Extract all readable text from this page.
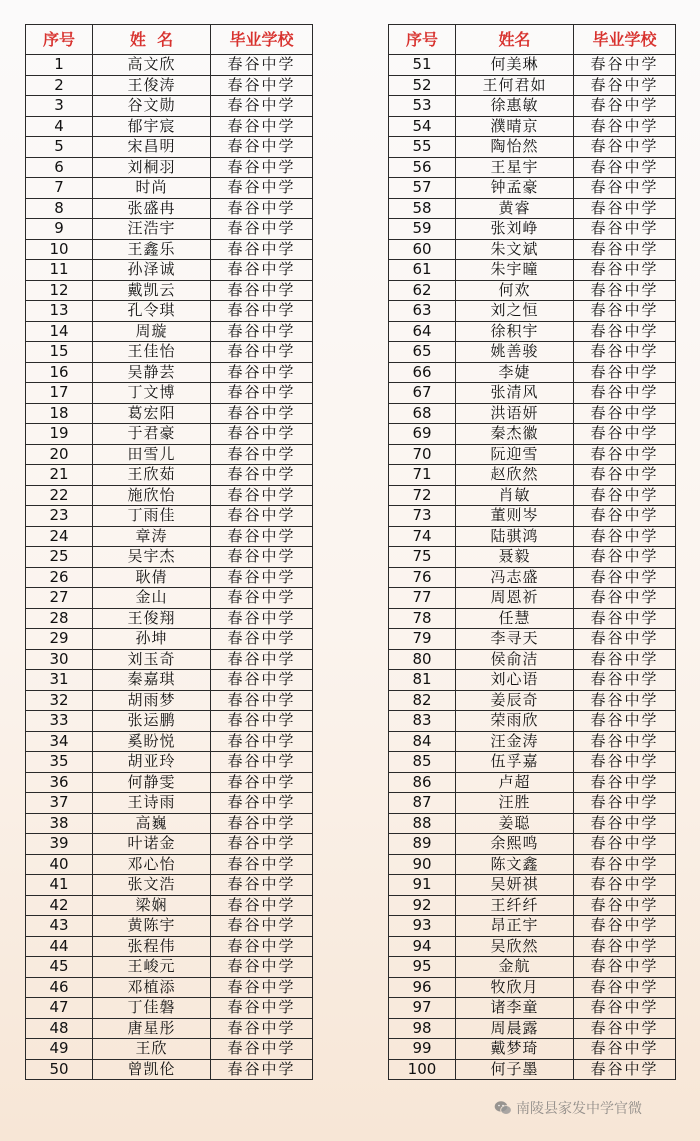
序号	姓  名	毕业学校
1	高文欣	春谷中学
2	王俊涛	春谷中学
3	谷文勋	春谷中学
4	郁宇宸	春谷中学
5	宋昌明	春谷中学
6	刘桐羽	春谷中学
7	时尚	春谷中学
8	张盛冉	春谷中学
9	汪浩宇	春谷中学
10	王鑫乐	春谷中学
11	孙泽诚	春谷中学
12	戴凯云	春谷中学
13	孔令琪	春谷中学
14	周璇	春谷中学
15	王佳怡	春谷中学
16	吴静芸	春谷中学
17	丁文博	春谷中学
18	葛宏阳	春谷中学
19	于君豪	春谷中学
20	田雪儿	春谷中学
21	王欣茹	春谷中学
22	施欣怡	春谷中学
23	丁雨佳	春谷中学
24	章涛	春谷中学
25	吴宇杰	春谷中学
26	耿倩	春谷中学
27	金山	春谷中学
28	王俊翔	春谷中学
29	孙坤	春谷中学
30	刘玉奇	春谷中学
31	秦嘉琪	春谷中学
32	胡雨梦	春谷中学
33	张运鹏	春谷中学
34	奚盼悦	春谷中学
35	胡亚玲	春谷中学
36	何静雯	春谷中学
37	王诗雨	春谷中学
38	高巍	春谷中学
39	叶诺金	春谷中学
40	邓心怡	春谷中学
41	张文浩	春谷中学
42	梁娴	春谷中学
43	黄陈宇	春谷中学
44	张程伟	春谷中学
45	王峻元	春谷中学
46	邓植添	春谷中学
47	丁佳磐	春谷中学
48	唐星彤	春谷中学
49	王欣	春谷中学
50	曾凯伦	春谷中学
序号	姓名	毕业学校
51	何美琳	春谷中学
52	王何君如	春谷中学
53	徐惠敏	春谷中学
54	濮晴京	春谷中学
55	陶怡然	春谷中学
56	王星宇	春谷中学
57	钟孟豪	春谷中学
58	黄睿	春谷中学
59	张刘峥	春谷中学
60	朱文斌	春谷中学
61	朱宇曈	春谷中学
62	何欢	春谷中学
63	刘之恒	春谷中学
64	徐积宇	春谷中学
65	姚善骏	春谷中学
66	李婕	春谷中学
67	张清风	春谷中学
68	洪语妍	春谷中学
69	秦杰徽	春谷中学
70	阮迎雪	春谷中学
71	赵欣然	春谷中学
72	肖敏	春谷中学
73	董则岑	春谷中学
74	陆骐鸿	春谷中学
75	聂毅	春谷中学
76	冯志盛	春谷中学
77	周恩祈	春谷中学
78	任慧	春谷中学
79	李寻天	春谷中学
80	侯俞洁	春谷中学
81	刘心语	春谷中学
82	姜辰奇	春谷中学
83	荣雨欣	春谷中学
84	汪金涛	春谷中学
85	伍孚嘉	春谷中学
86	卢超	春谷中学
87	汪胜	春谷中学
88	姜聪	春谷中学
89	余熙鸣	春谷中学
90	陈文鑫	春谷中学
91	吴妍祺	春谷中学
92	王纤纤	春谷中学
93	昂正宇	春谷中学
94	吴欣然	春谷中学
95	金航	春谷中学
96	牧欣月	春谷中学
97	诸李童	春谷中学
98	周晨露	春谷中学
99	戴梦琦	春谷中学
100	何子墨	春谷中学
南陵县家发中学官微
